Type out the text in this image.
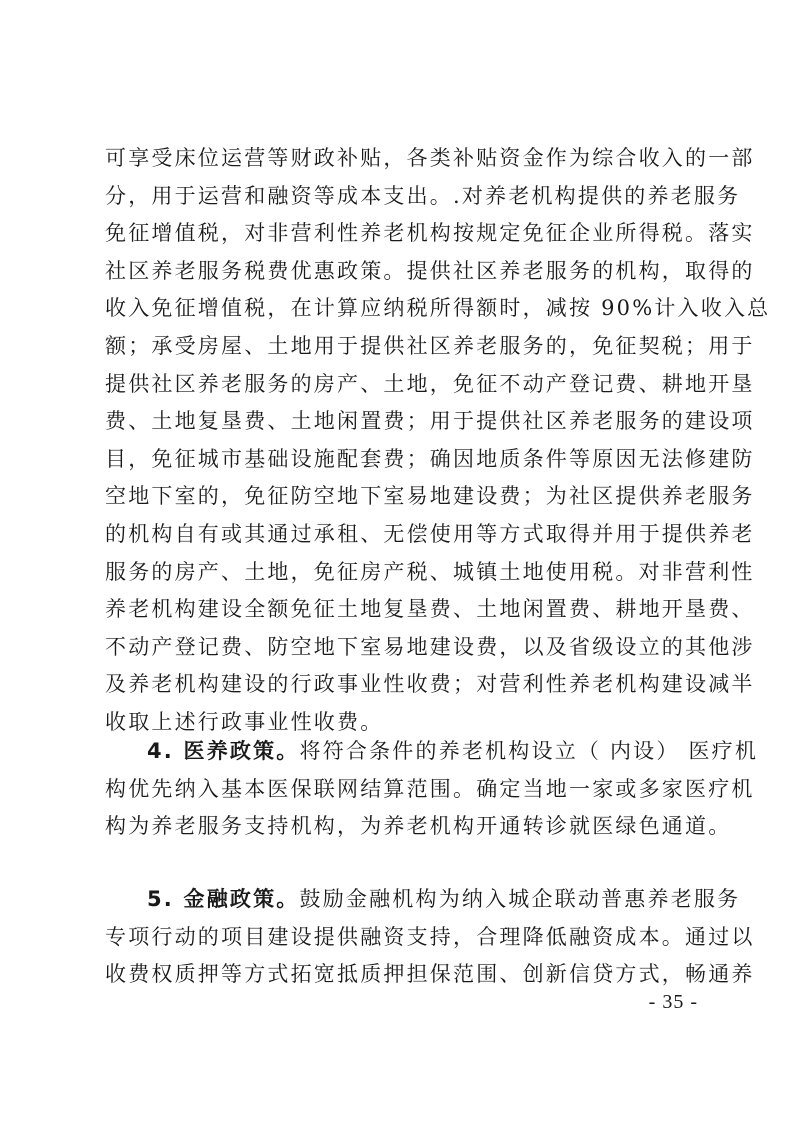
可享受床位运营等财政补贴，各类补贴资金作为综合收入的一部
分，用于运营和融资等成本支出。.对养老机构提供的养老服务
免征增值税，对非营利性养老机构按规定免征企业所得税。落实
社区养老服务税费优惠政策。提供社区养老服务的机构，取得的
收入免征增值税，在计算应纳税所得额时，减按 90%计入收入总
额；承受房屋、土地用于提供社区养老服务的，免征契税；用于
提供社区养老服务的房产、土地，免征不动产登记费、耕地开垦
费、土地复垦费、土地闲置费；用于提供社区养老服务的建设项
目，免征城市基础设施配套费；确因地质条件等原因无法修建防
空地下室的，免征防空地下室易地建设费；为社区提供养老服务
的机构自有或其通过承租、无偿使用等方式取得并用于提供养老
服务的房产、土地，免征房产税、城镇土地使用税。对非营利性
养老机构建设全额免征土地复垦费、土地闲置费、耕地开垦费、
不动产登记费、防空地下室易地建设费，以及省级设立的其他涉
及养老机构建设的行政事业性收费；对营利性养老机构建设减半
收取上述行政事业性收费。
4. 医养政策。将符合条件的养老机构设立（ 内设） 医疗机
构优先纳入基本医保联网结算范围。确定当地一家或多家医疗机
构为养老服务支持机构，为养老机构开通转诊就医绿色通道。
5. 金融政策。鼓励金融机构为纳入城企联动普惠养老服务
专项行动的项目建设提供融资支持，合理降低融资成本。通过以
收费权质押等方式拓宽抵质押担保范围、创新信贷方式，畅通养
- 35 -
